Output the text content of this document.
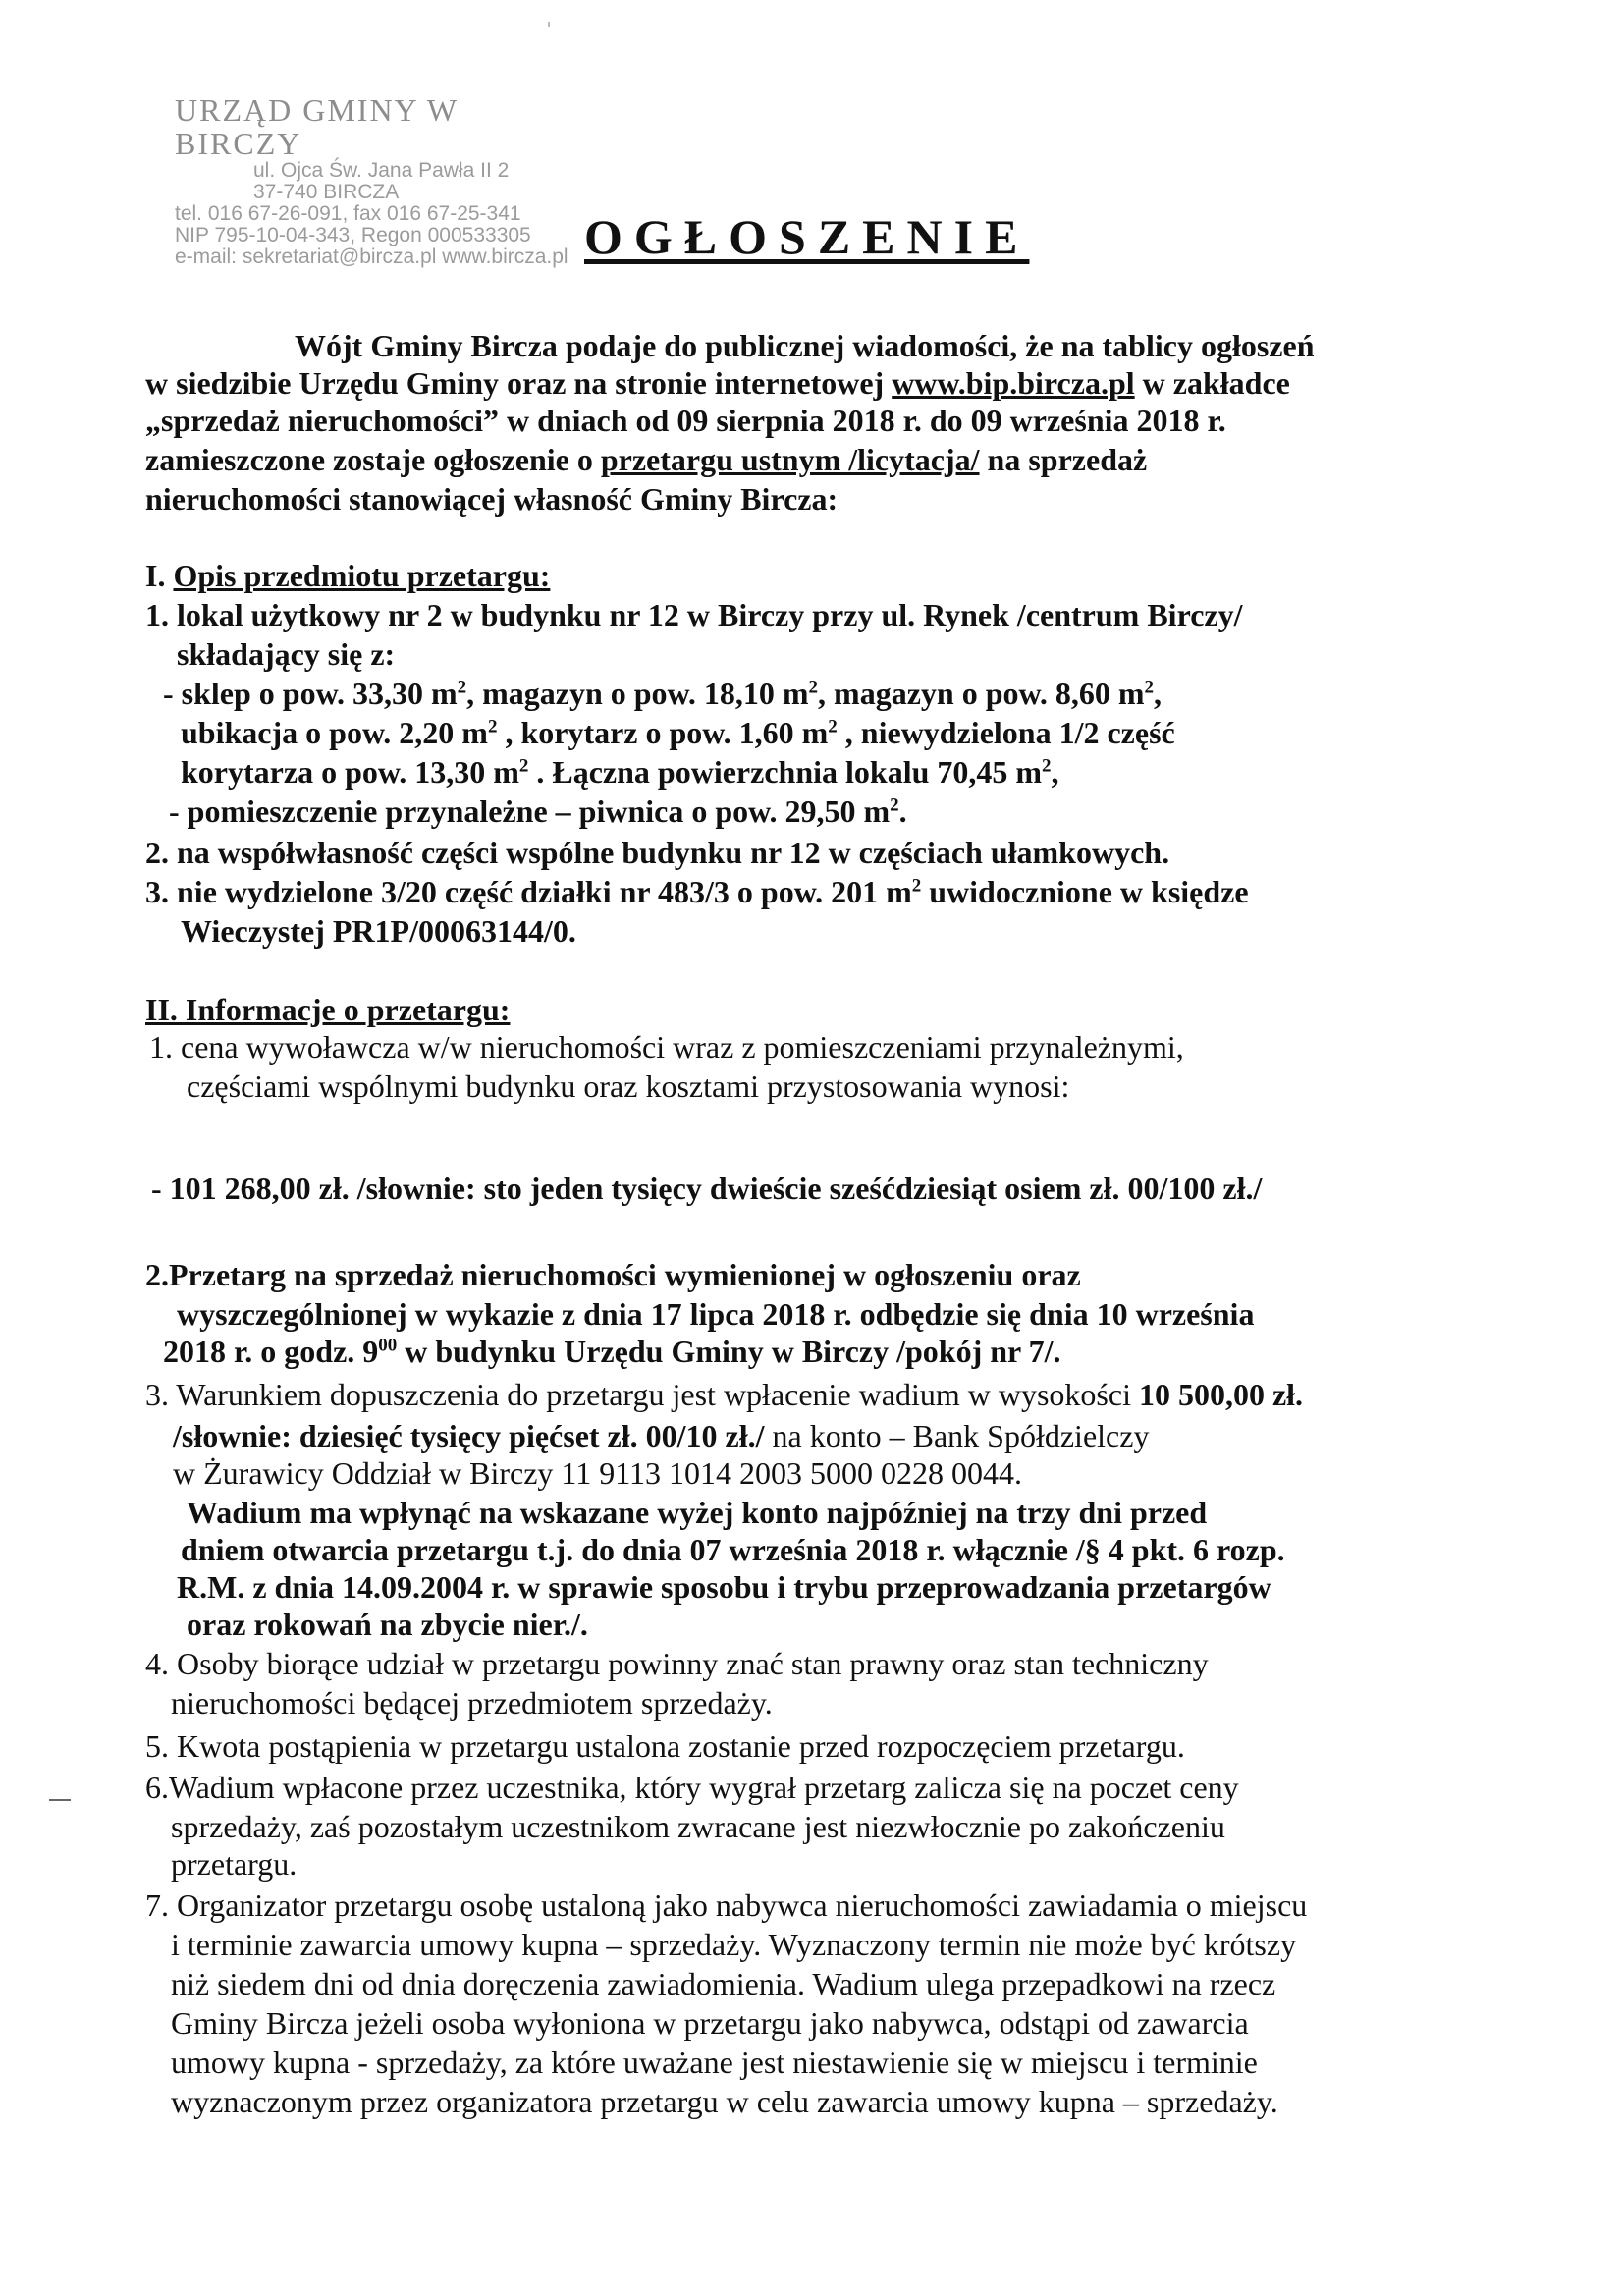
URZĄD GMINY W BIRCZY
ul. Ojca Św. Jana Pawła II 2
37-740 BIRCZA
tel. 016 67-26-091, fax 016 67-25-341
NIP 795-10-04-343, Regon 000533305
e-mail: sekretariat@bircza.pl www.bircza.pl OGŁOSZENIE
Wójt Gminy Bircza podaje do publicznej wiadomości, że na tablicy ogłoszeń
w siedzibie Urzędu Gminy oraz na stronie internetowej www.bip.bircza.pl w zakładce
„sprzedaż nieruchomości” w dniach od 09 sierpnia 2018 r. do 09 września 2018 r.
zamieszczone zostaje ogłoszenie o przetargu ustnym /licytacja/ na sprzedaż
nieruchomości stanowiącej własność Gminy Bircza:
I. Opis przedmiotu przetargu:
1. lokal użytkowy nr 2 w budynku nr 12 w Birczy przy ul. Rynek /centrum Birczy/
składający się z:
- sklep o pow. 33,30 $m^2$, magazyn o pow. 18,10 $m^2$, magazyn o pow. 8,60 $m^2$,
ubikacja o pow. 2,20 $m^2$ , korytarz o pow. 1,60 $m^2$ , niewydzielona 1/2 część
korytarza o pow. 13,30 $m^2$ . Łączna powierzchnia lokalu 70,45 $m^2$,
- pomieszczenie przynależne – piwnica o pow. 29,50 $m^2$.
2. na współwłasność części wspólne budynku nr 12 w częściach ułamkowych.
3. nie wydzielone 3/20 część działki nr 483/3 o pow. 201 $m^2$ uwidocznione w księdze
Wieczystej PR1P/00063144/0.
II. Informacje o przetargu:
1. cena wywoławcza w/w nieruchomości wraz z pomieszczeniami przynależnymi,
częściami wspólnymi budynku oraz kosztami przystosowania wynosi:
- 101 268,00 zł. /słownie: sto jeden tysięcy dwieście sześćdziesiąt osiem zł. 00/100 zł./
2.Przetarg na sprzedaż nieruchomości wymienionej w ogłoszeniu oraz
wyszczególnionej w wykazie z dnia 17 lipca 2018 r. odbędzie się dnia 10 września
2018 r. o godz. $9^{00}$ w budynku Urzędu Gminy w Birczy /pokój nr 7/.
3. Warunkiem dopuszczenia do przetargu jest wpłacenie wadium w wysokości 10 500,00 zł.
/słownie: dziesięć tysięcy pięćset zł. 00/10 zł./ na konto – Bank Spółdzielczy
w Żurawicy Oddział w Birczy 11 9113 1014 2003 5000 0228 0044.
Wadium ma wpłynąć na wskazane wyżej konto najpóźniej na trzy dni przed
dniem otwarcia przetargu t.j. do dnia 07 września 2018 r. włącznie /§ 4 pkt. 6 rozp.
R.M. z dnia 14.09.2004 r. w sprawie sposobu i trybu przeprowadzania przetargów
oraz rokowań na zbycie nier./.
4. Osoby biorące udział w przetargu powinny znać stan prawny oraz stan techniczny
nieruchomości będącej przedmiotem sprzedaży.
5. Kwota postąpienia w przetargu ustalona zostanie przed rozpoczęciem przetargu.
6.Wadium wpłacone przez uczestnika, który wygrał przetarg zalicza się na poczet ceny
sprzedaży, zaś pozostałym uczestnikom zwracane jest niezwłocznie po zakończeniu
przetargu.
7. Organizator przetargu osobę ustaloną jako nabywca nieruchomości zawiadamia o miejscu
i terminie zawarcia umowy kupna – sprzedaży. Wyznaczony termin nie może być krótszy
niż siedem dni od dnia doręczenia zawiadomienia. Wadium ulega przepadkowi na rzecz
Gminy Bircza jeżeli osoba wyłoniona w przetargu jako nabywca, odstąpi od zawarcia
umowy kupna - sprzedaży, za które uważane jest niestawienie się w miejscu i terminie
wyznaczonym przez organizatora przetargu w celu zawarcia umowy kupna – sprzedaży.
